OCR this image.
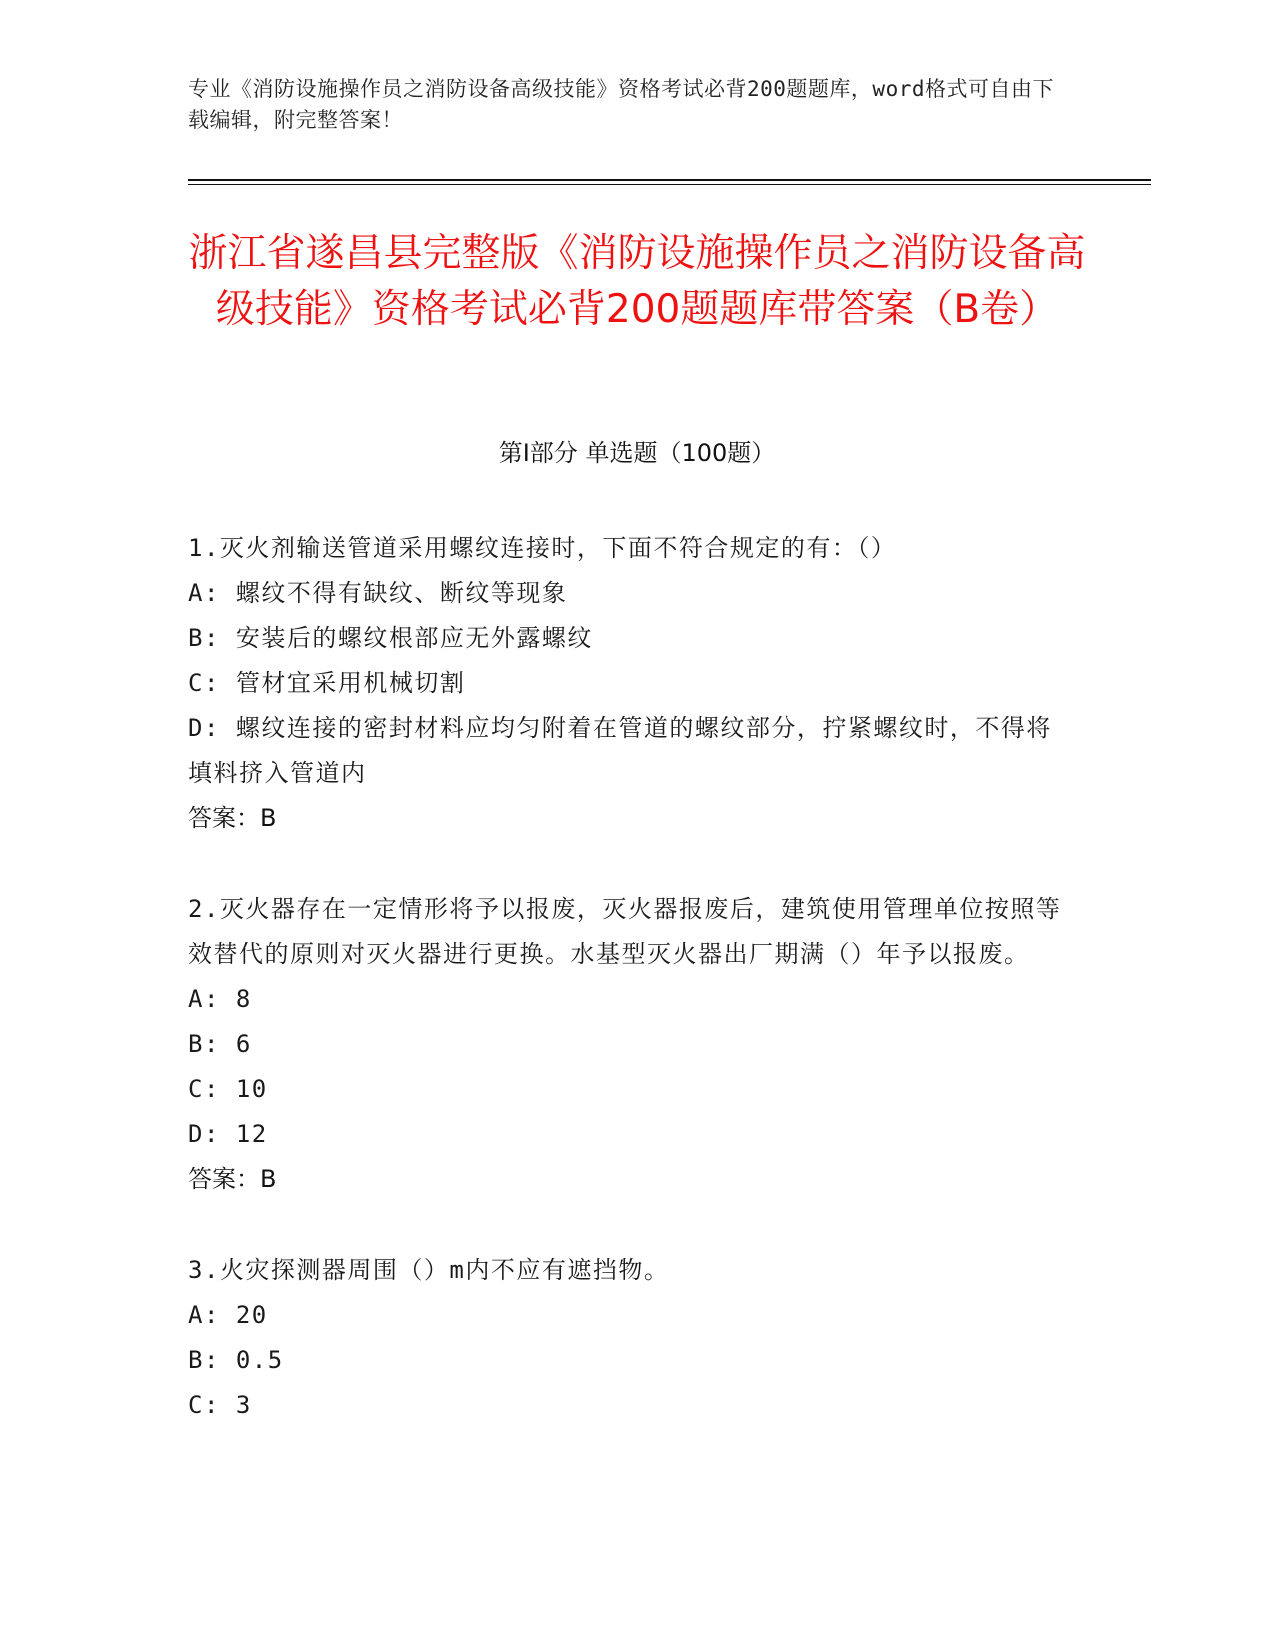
专业《消防设施操作员之消防设备高级技能》资格考试必背200题题库，word格式可自由下载编辑，附完整答案！
浙江省遂昌县完整版《消防设施操作员之消防设备高级技能》资格考试必背200题题库带答案（B卷）
第I部分 单选题（100题）

1.灭火剂输送管道采用螺纹连接时，下面不符合规定的有：（）

A: 螺纹不得有缺纹、断纹等现象

B: 安装后的螺纹根部应无外露螺纹

C: 管材宜采用机械切割

D: 螺纹连接的密封材料应均匀附着在管道的螺纹部分，拧紧螺纹时，不得将填料挤入管道内

答案：B

2.灭火器存在一定情形将予以报废，灭火器报废后，建筑使用管理单位按照等效替代的原则对灭火器进行更换。水基型灭火器出厂期满（）年予以报废。

A: 8

B: 6

C: 10

D: 12

答案：B

3.火灾探测器周围（）m内不应有遮挡物。

A: 20

B: 0.5

C: 3
